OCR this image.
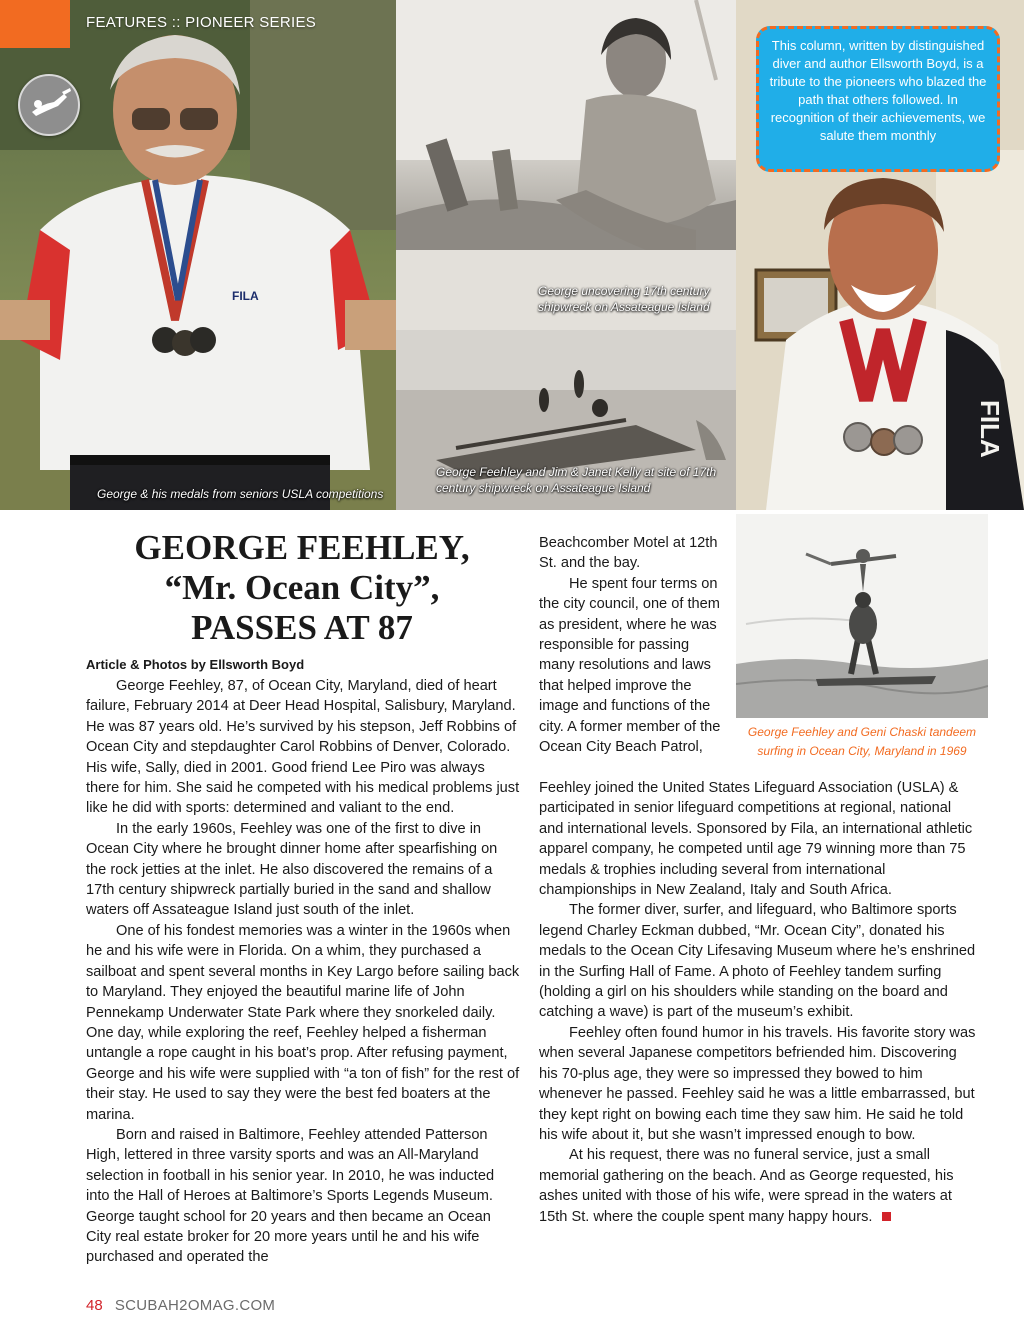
FILA
FILA
FEATURES :: PIONEER SERIES
George & his medals from seniors USLA competitions
George uncovering 17th century shipwreck on Assateague Island
George Feehley and Jim & Janet Kelly at site of 17th century shipwreck on Assateague Island

This column, written by distinguished diver and author Ellsworth Boyd, is a tribute to the pioneers who blazed the path that others followed. In recognition of their achievements, we salute them monthly

GEORGE FEEHLEY,
“Mr. Ocean City”,
PASSES AT 87
Article & Photos by Ellsworth Boyd

George Feehley, 87, of Ocean City, Maryland, died of heart failure, February 2014 at Deer Head Hospital, Salisbury, Maryland. He was 87 years old. He’s survived by his stepson, Jeff Robbins of Ocean City and stepdaughter Carol Robbins of Denver, Colorado. His wife, Sally, died in 2001. Good friend Lee Piro was always there for him. She said he competed with his medical problems just like he did with sports: determined and valiant to the end.

In the early 1960s, Feehley was one of the first to dive in Ocean City where he brought dinner home after spearfishing on the rock jetties at the inlet. He also discovered the remains of a 17th century shipwreck partially buried in the sand and shallow waters off Assateague Island just south of the inlet.

One of his fondest memories was a winter in the 1960s when he and his wife were in Florida. On a whim, they purchased a sailboat and spent several months in Key Largo before sailing back to Maryland. They enjoyed the beautiful marine life of John Pennekamp Underwater State Park where they snorkeled daily. One day, while exploring the reef, Feehley helped a fisherman untangle a rope caught in his boat’s prop. After refusing payment, George and his wife were supplied with “a ton of fish” for the rest of their stay. He used to say they were the best fed boaters at the marina.

Born and raised in Baltimore, Feehley attended Patterson High, lettered in three varsity sports and was an All-Maryland selection in football in his senior year. In 2010, he was inducted into the Hall of Heroes at Baltimore’s Sports Legends Museum. George taught school for 20 years and then became an Ocean City real estate broker for 20 more years until he and his wife purchased and operated the

Beachcomber Motel at 12th St. and the bay.

He spent four terms on the city council, one of them as president, where he was responsible for passing many resolutions and laws that helped improve the image and functions of the city. A former member of the Ocean City Beach Patrol,

George Feehley and Geni Chaski tandeem surfing in Ocean City, Maryland in 1969

Feehley joined the United States Lifeguard Association (USLA) & participated in senior lifeguard competitions at regional, national and international levels. Sponsored by Fila, an international athletic apparel company, he competed until age 79 winning more than 75 medals & trophies including several from international championships in New Zealand, Italy and South Africa.

The former diver, surfer, and lifeguard, who Baltimore sports legend Charley Eckman dubbed, “Mr. Ocean City”, donated his medals to the Ocean City Lifesaving Museum where he’s enshrined in the Surfing Hall of Fame. A photo of Feehley tandem surfing (holding a girl on his shoulders while standing on the board and catching a wave) is part of the museum’s exhibit.

Feehley often found humor in his travels. His favorite story was when several Japanese competitors befriended him. Discovering his 70-plus age, they were so impressed they bowed to him whenever he passed. Feehley said he was a little embarrassed, but they kept right on bowing each time they saw him. He said he told his wife about it, but she wasn’t impressed enough to bow.

At his request, there was no funeral service, just a small memorial gathering on the beach. And as George requested, his ashes united with those of his wife, were spread in the waters at 15th St. where the couple spent many happy hours.

48 SCUBAH2OMAG.COM
